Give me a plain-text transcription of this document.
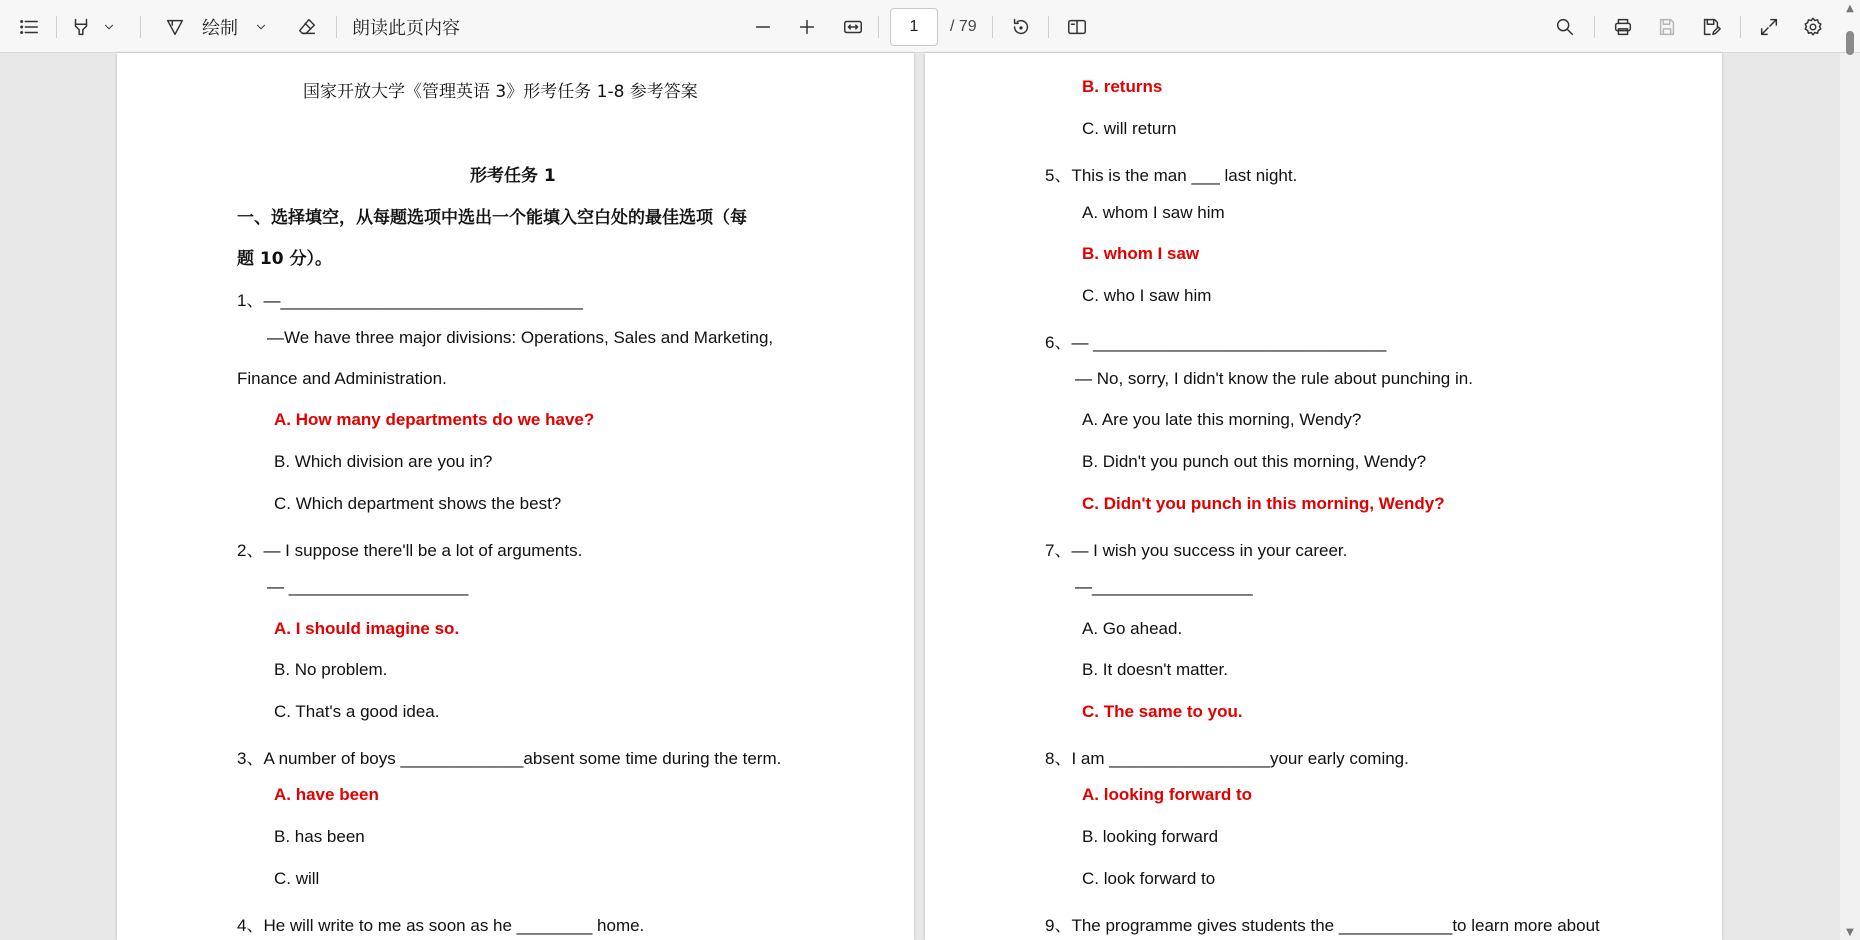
绘制	朗读此页内容	1	/ 79
国家开放大学《管理英语 3》形考任务 1-8 参考答案
形考任务 1
一、选择填空，从每题选项中选出一个能填入空白处的最佳选项（每
题 10 分）。
1、—________________________________
—We have three major divisions: Operations, Sales and Marketing,
Finance and Administration.
A. How many departments do we have?
B. Which division are you in?
C. Which department shows the best?
2、— I suppose there'll be a lot of arguments.
— ___________________
A. I should imagine so.
B. No problem.
C. That's a good idea.
3、A number of boys _____________absent some time during the term.
A. have been
B. has been
C. will
4、He will write to me as soon as he ________ home.
B. returns
C. will return
5、This is the man ___ last night.
A. whom I saw him
B. whom I saw
C. who I saw him
6、— _______________________________
— No, sorry, I didn't know the rule about punching in.
A. Are you late this morning, Wendy?
B. Didn't you punch out this morning, Wendy?
C. Didn't you punch in this morning, Wendy?
7、— I wish you success in your career.
—_________________
A. Go ahead.
B. It doesn't matter.
C. The same to you.
8、I am _________________your early coming.
A. looking forward to
B. looking forward
C. look forward to
9、The programme gives students the ____________to learn more about
▲
▼
